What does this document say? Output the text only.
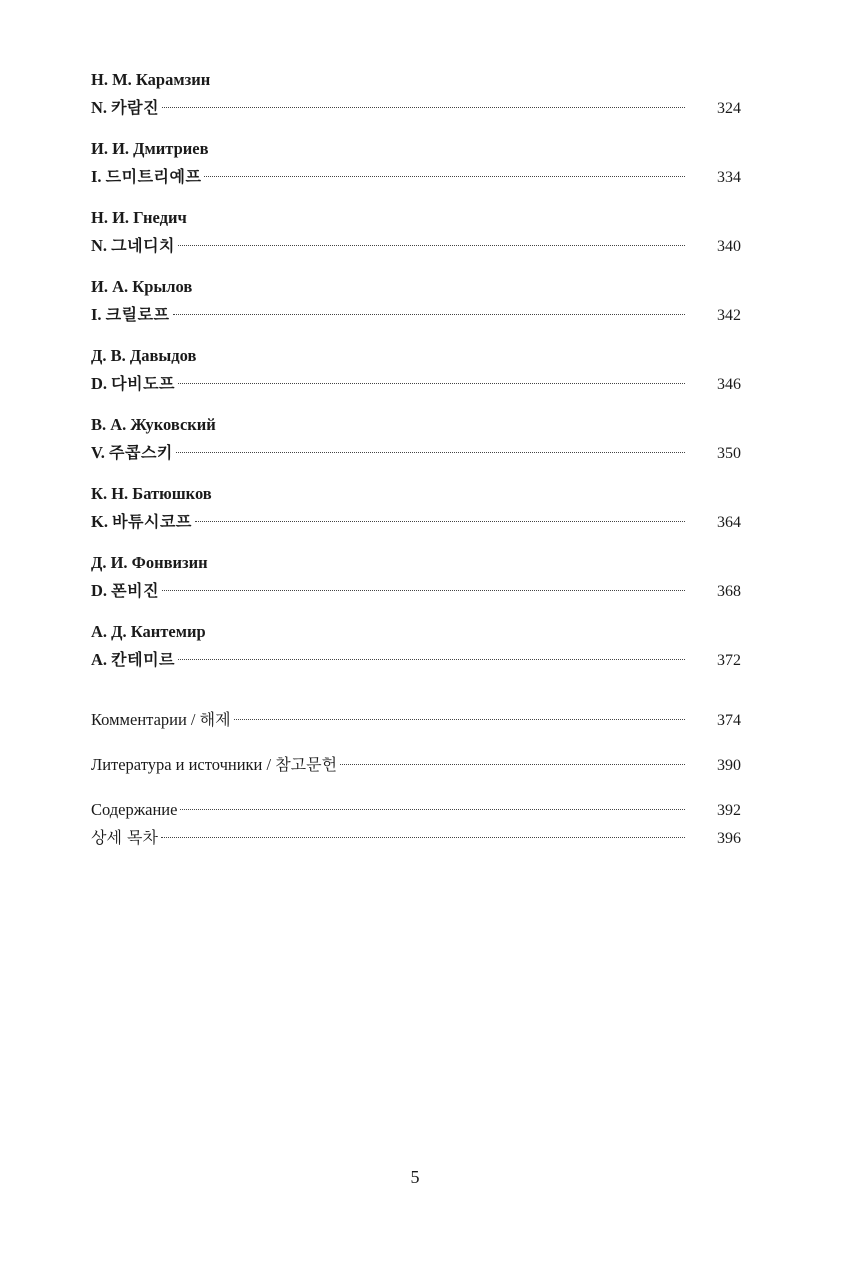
Н. М. Карамзин
N. 카람진	324
И. И. Дмитриев
I. 드미트리예프	334
Н. И. Гнедич
N. 그네디치	340
И. А. Крылов
I. 크릴로프	342
Д. В. Давыдов
D. 다비도프	346
В. А. Жуковский
V. 주콥스키	350
К. Н. Батюшков
K. 바튜시코프	364
Д. И. Фонвизин
D. 폰비진	368
А. Д. Кантемир
A. 칸테미르	372
Комментарии / 해제	374
Литература и источники / 참고문헌	390
Содержание	392
상세 목차	396
5
